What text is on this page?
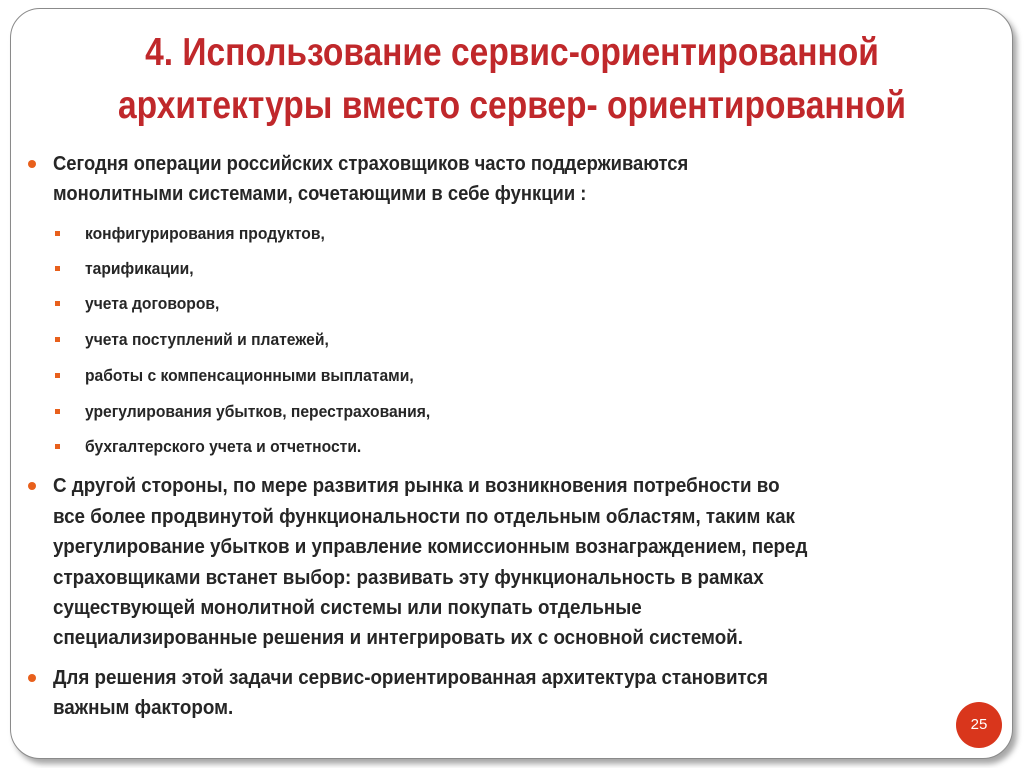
4. Использование сервис-ориентированной
архитектуры вместо сервер- ориентированной
Сегодня операции российских страховщиков часто поддерживаются
монолитными системами, сочетающими в себе функции :
конфигурирования продуктов,
тарификации,
учета договоров,
учета поступлений и платежей,
работы с компенсационными выплатами,
урегулирования убытков, перестрахования,
бухгалтерского учета и отчетности.
С другой стороны, по мере развития рынка и возникновения потребности во
все более продвинутой функциональности по отдельным областям, таким как
урегулирование убытков и управление комиссионным вознаграждением, перед
страховщиками встанет выбор: развивать эту функциональность в рамках
существующей монолитной системы или покупать отдельные
специализированные решения и интегрировать их с основной системой.
Для решения этой задачи сервис-ориентированная архитектура становится
важным фактором.
25
